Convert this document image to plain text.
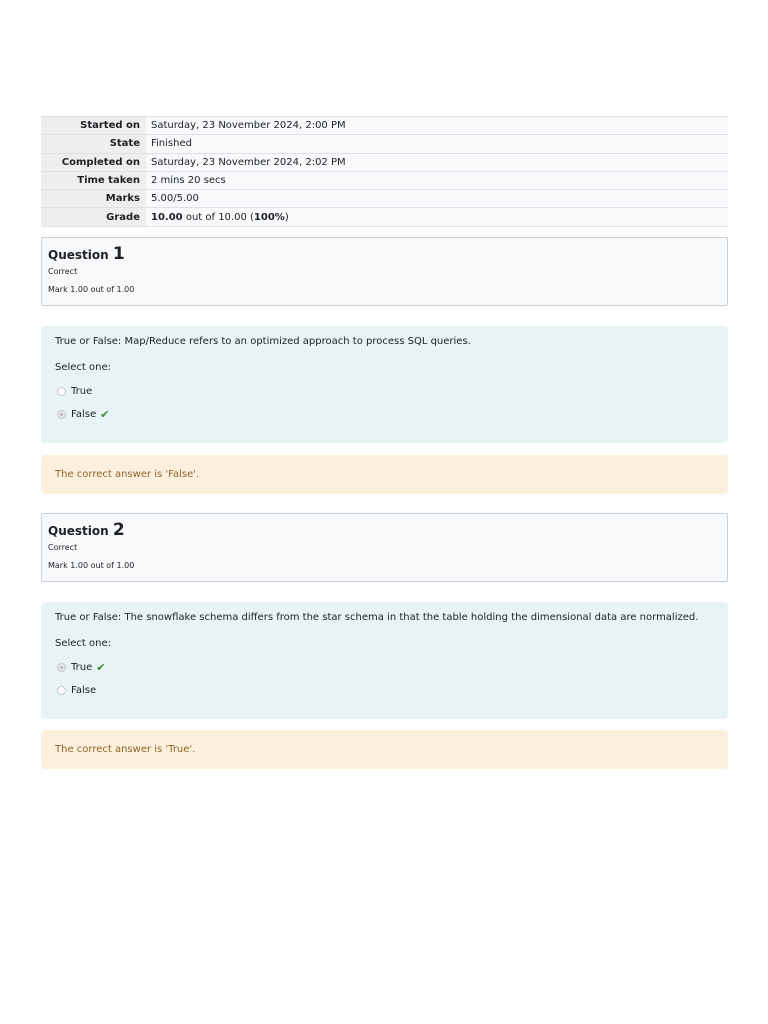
Started on	Saturday, 23 November 2024, 2:00 PM
State	Finished
Completed on	Saturday, 23 November 2024, 2:02 PM
Time taken	2 mins 20 secs
Marks	5.00/5.00
Grade	10.00 out of 10.00 (100%)
Question 1
Correct
Mark 1.00 out of 1.00
True or False: Map/Reduce refers to an optimized approach to process SQL queries.
Select one:
True
False ✔
The correct answer is 'False'.
Question 2
Correct
Mark 1.00 out of 1.00
True or False: The snowflake schema differs from the star schema in that the table holding the dimensional data are normalized.
Select one:
True ✔
False
The correct answer is 'True'.
